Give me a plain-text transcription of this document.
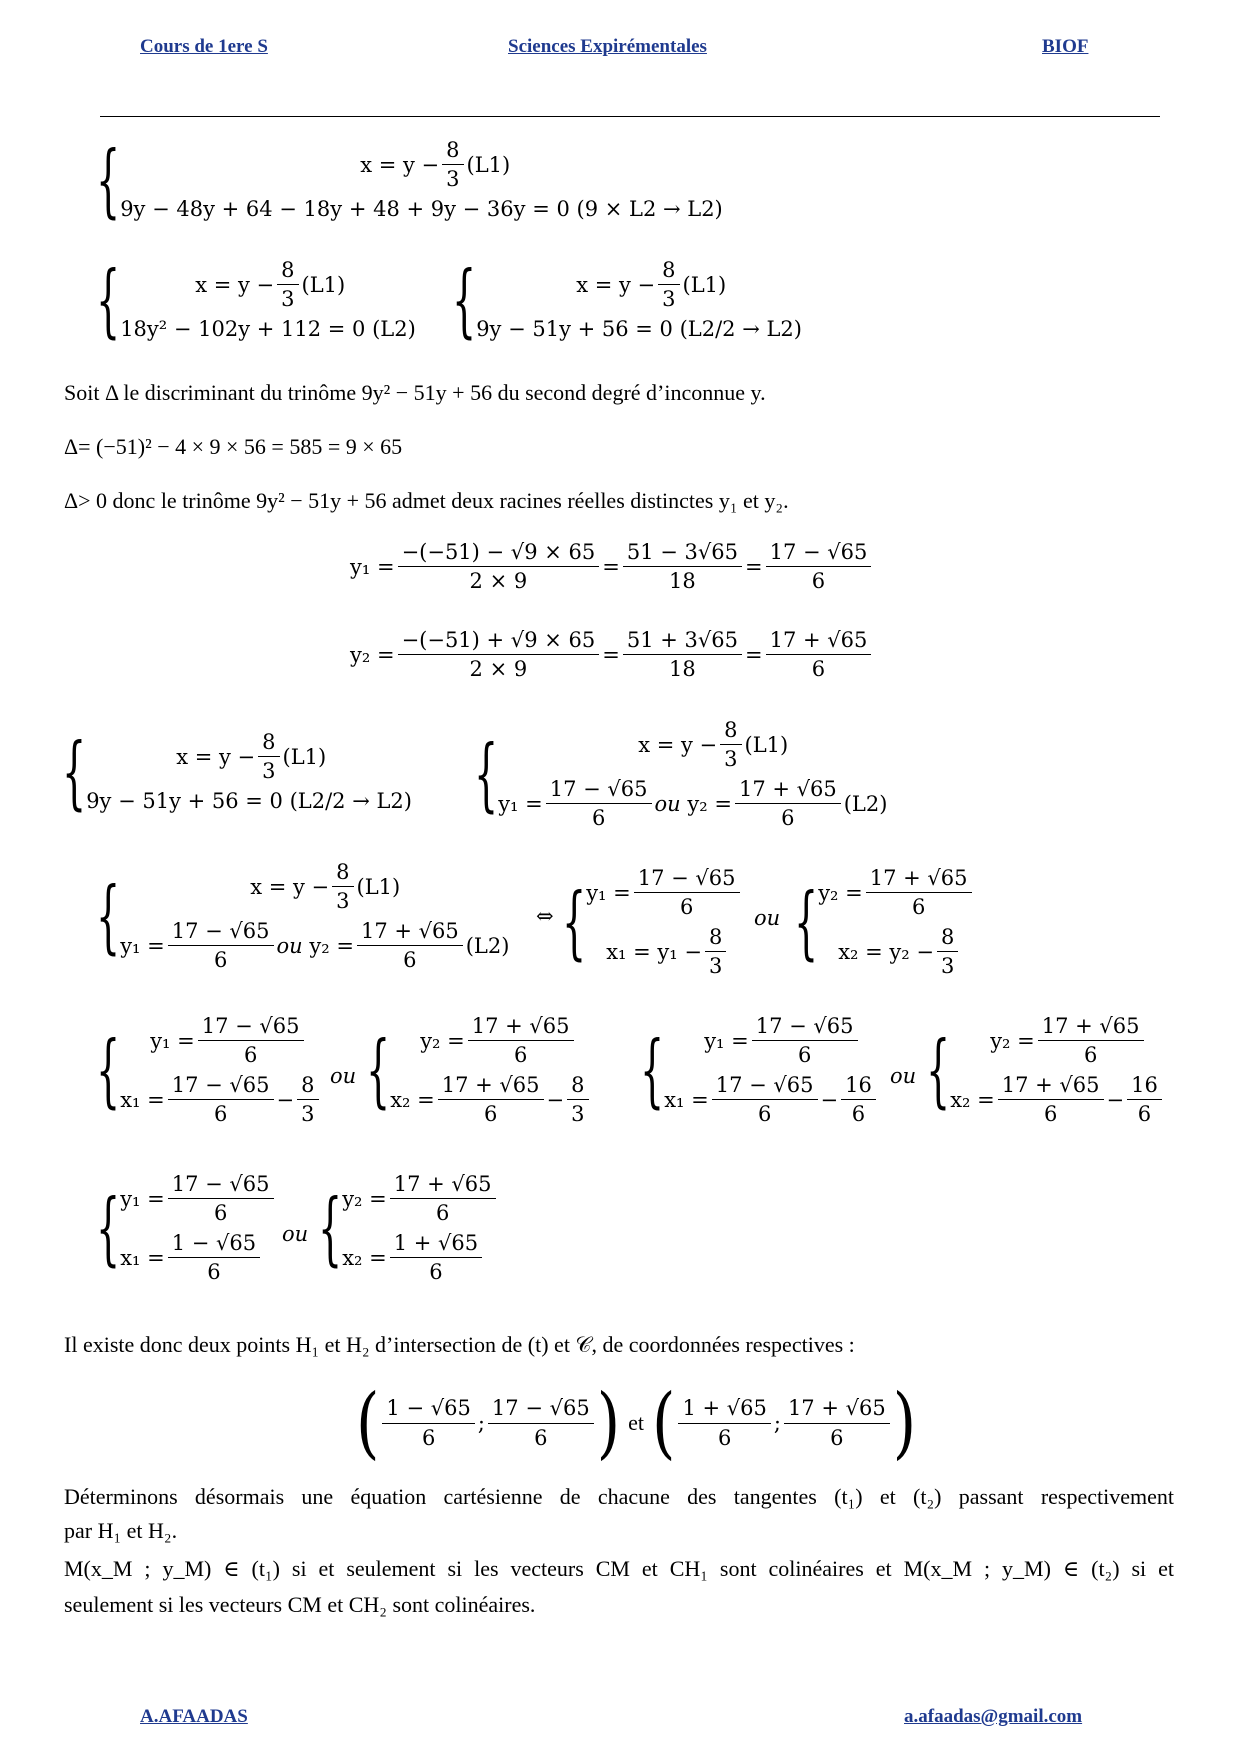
Cours de 1ere S	Sciences Expirémentales	BIOF
{	$x = y - \frac{8}{3} (L1)$
9y − 48y + 64 − 18y + 48 + 9y − 36y = 0 (9 × L2 → L2)
{	$x = y - \frac{8}{3} (L1)$
18y² − 102y + 112 = 0 (L2) {	$x = y - \frac{8}{3} (L1)$
9y − 51y + 56 = 0 (L2/2 → L2)
Soit Δ le discriminant du trinôme 9y² − 51y + 56 du second degré d’inconnue y.
Δ= (−51)² − 4 × 9 × 56 = 585 = 9 × 65
Δ> 0 donc le trinôme 9y² − 51y + 56 admet deux racines réelles distinctes y₁ et y₂.
$y_1 = \frac{-(-51) - √9 \times 65}{2 \times 9} = \frac{51 - 3√65}{18} = \frac{17 - √65}{6}$
$y_2 = \frac{-(-51) + √9 \times 65}{2 \times 9} = \frac{51 + 3√65}{18} = \frac{17 + √65}{6}$
{	$x = y - \frac{8}{3} (L1)$
9y − 51y + 56 = 0 (L2/2 → L2) {	$x = y - \frac{8}{3} (L1)$
$y_1 = \frac{17 - √65}{6}$ ou
$y_2 = \frac{17 + √65}{6} (L2)$
{	$x = y - \frac{8}{3} (L1)$
$y_1 = \frac{17 - √65}{6}$ ou
$y_2 = \frac{17 + √65}{6} (L2)$
⇔ { $y_1 = \frac{17 - √65}{6}$
$x_1 = y_1 - \frac{8}{3}$
ou { $y_2 = \frac{17 + √65}{6}$
$x_2 = y_2 - \frac{8}{3}$
{ $y_1 = \frac{17 - √65}{6}$
$x_1 = \frac{17 - √65}{6} - \frac{8}{3}$ ou { $y_2 = \frac{17 + √65}{6}$
$x_2 = \frac{17 + √65}{6} - \frac{8}{3}$ { $y_1 = \frac{17 - √65}{6}$
$x_1 = \frac{17 - √65}{6} - \frac{16}{6}$ ou { $y_2 = \frac{17 + √65}{6}$
$x_2 = \frac{17 + √65}{6} - \frac{16}{6}$
{ $y_1 = \frac{17 - √65}{6}$
$x_1 = \frac{1 - √65}{6}$ ou { $y_2 = \frac{17 + √65}{6}$
$x_2 = \frac{1 + √65}{6}$
Il existe donc deux points H₁ et H₂ d’intersection de (t) et 𝒞, de coordonnées respectives :
( $\frac{1 - √65}{6}$ ; $\frac{17 - √65}{6}$ ) et ( $\frac{1 + √65}{6}$ ; $\frac{17 + √65}{6}$ )
Déterminons désormais une équation cartésienne de chacune des tangentes (t₁) et (t₂) passant respectivement
par H₁ et H₂.
M(x_M ; y_M) ∈ (t₁) si et seulement si les vecteurs CM et CH₁ sont colinéaires et M(x_M ; y_M) ∈ (t₂) si et
seulement si les vecteurs CM et CH₂ sont colinéaires.
A.AFAADAS	a.afaadas@gmail.com
